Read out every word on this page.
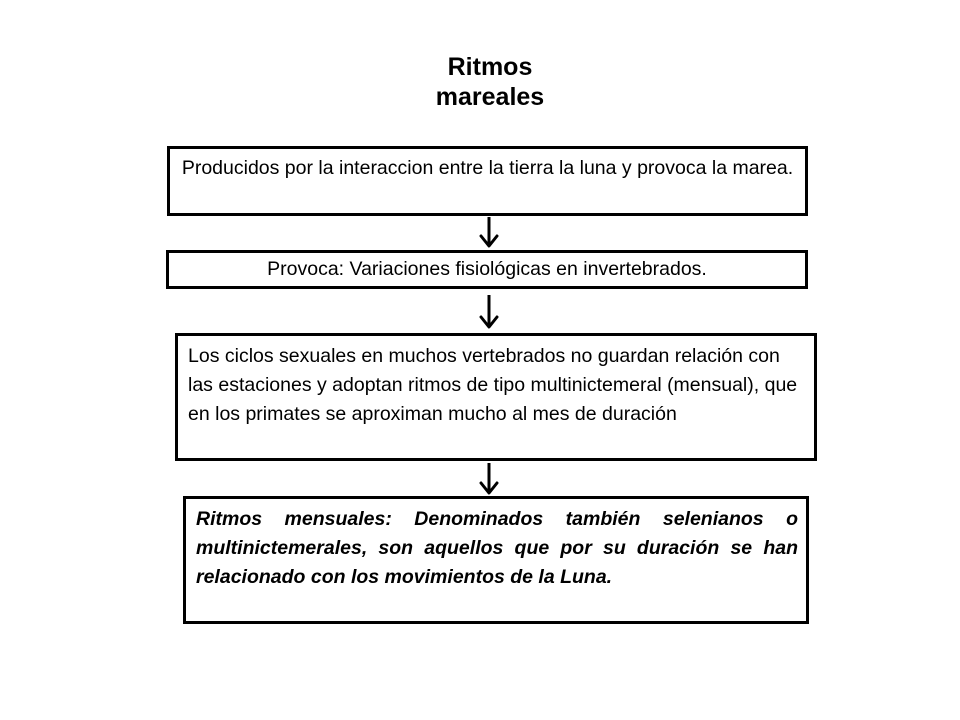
Ritmos
mareales
Producidos por la interaccion entre la tierra la luna y provoca la marea.
Provoca: Variaciones fisiológicas en invertebrados.
Los ciclos sexuales en muchos vertebrados no guardan relación con las estaciones y adoptan ritmos de tipo multinictemeral (mensual), que en los primates se aproximan mucho al mes de duración
Ritmos mensuales: Denominados también selenianos o multinictemerales, son aquellos que por su duración se han relacionado con los movimientos de la Luna.
